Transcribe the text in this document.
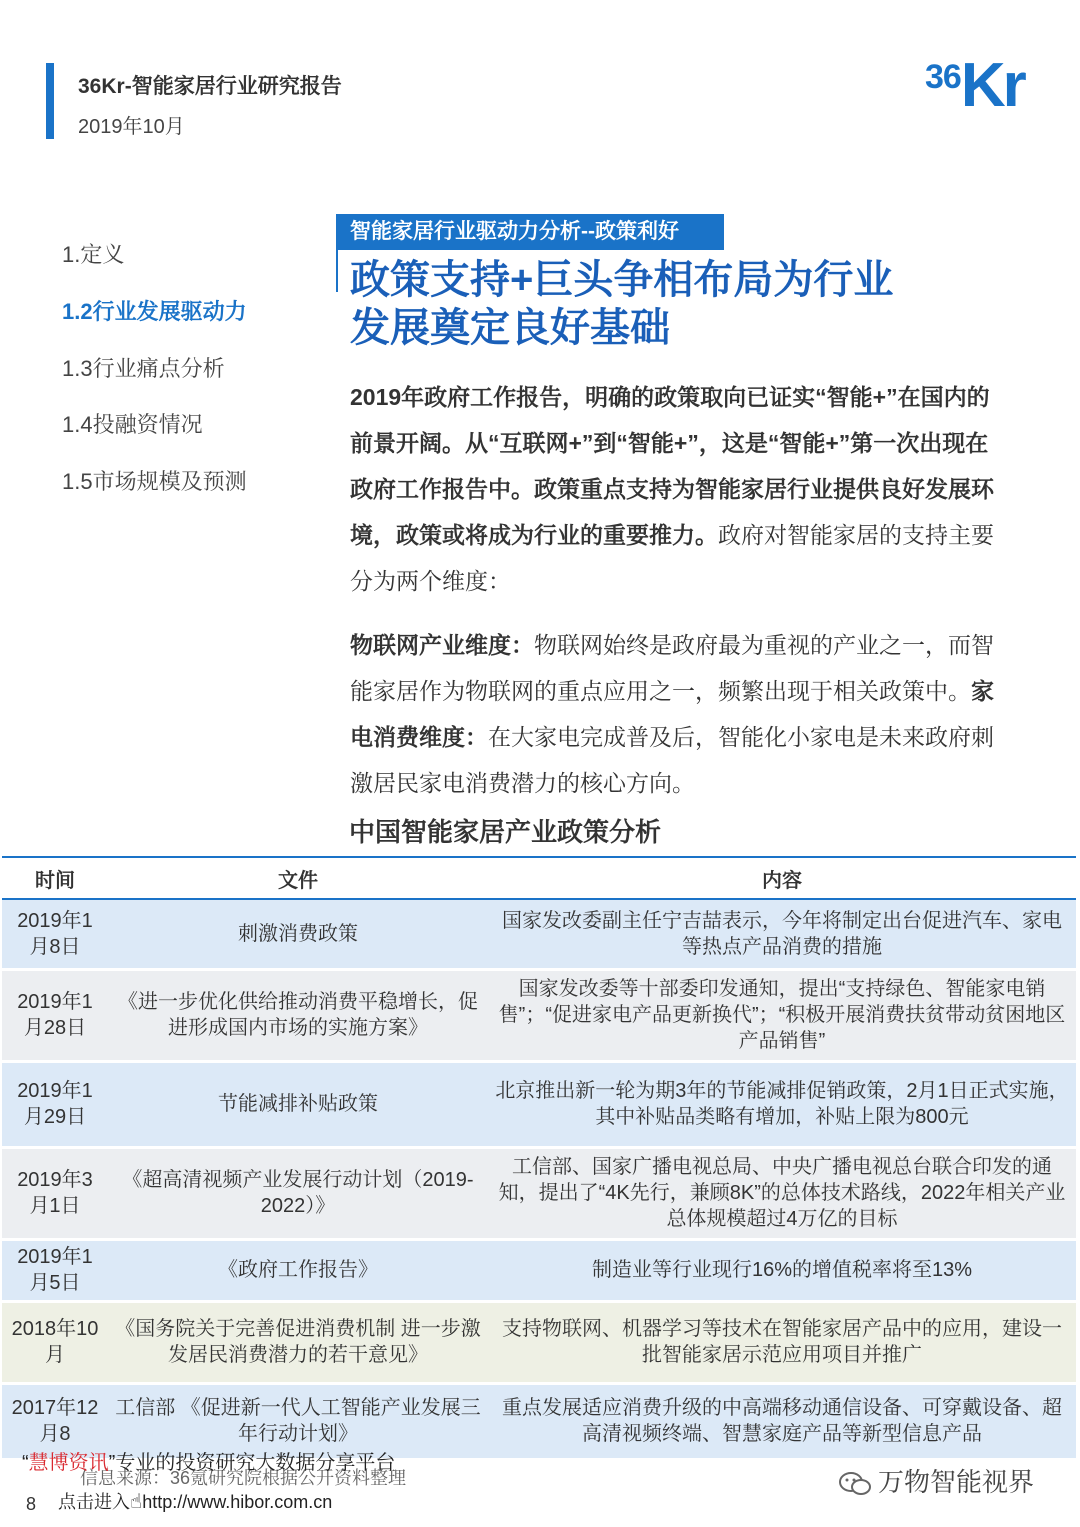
36Kr-智能家居行业研究报告
2019年10月
36Kr
1.定义
1.2行业发展驱动力
1.3行业痛点分析
1.4投融资情况
1.5市场规模及预测
智能家居行业驱动力分析--政策利好
政策支持+巨头争相布局为行业
发展奠定良好基础
2019年政府工作报告，明确的政策取向已证实“智能+”在国内的前景开阔。从“互联网+”到“智能+”，这是“智能+”第一次出现在政府工作报告中。政策重点支持为智能家居行业提供良好发展环境，政策或将成为行业的重要推力。政府对智能家居的支持主要分为两个维度：
物联网产业维度：物联网始终是政府最为重视的产业之一，而智能家居作为物联网的重点应用之一，频繁出现于相关政策中。家电消费维度：在大家电完成普及后，智能化小家电是未来政府刺激居民家电消费潜力的核心方向。
中国智能家居产业政策分析
时间	文件	内容
2019年1月8日	刺激消费政策	国家发改委副主任宁吉喆表示，今年将制定出台促进汽车、家电等热点产品消费的措施
2019年1月28日	《进一步优化供给推动消费平稳增长，促进形成国内市场的实施方案》	国家发改委等十部委印发通知，提出“支持绿色、智能家电销售”；“促进家电产品更新换代”；“积极开展消费扶贫带动贫困地区产品销售”
2019年1月29日	节能减排补贴政策	北京推出新一轮为期3年的节能减排促销政策，2月1日正式实施，其中补贴品类略有增加，补贴上限为800元
2019年3月1日	《超高清视频产业发展行动计划（2019-2022）》	工信部、国家广播电视总局、中央广播电视总台联合印发的通知，提出了“4K先行，兼顾8K”的总体技术路线，2022年相关产业总体规模超过4万亿的目标
2019年1月5日	《政府工作报告》	制造业等行业现行16%的增值税率将至13%
2018年10月	《国务院关于完善促进消费机制 进一步激发居民消费潜力的若干意见》	支持物联网、机器学习等技术在智能家居产品中的应用，建设一批智能家居示范应用项目并推广
2017年12月8	工信部 《促进新一代人工智能产业发展三年行动计划》	重点发展适应消费升级的中高端移动通信设备、可穿戴设备、超高清视频终端、智慧家庭产品等新型信息产品
信息来源：36氪研究院根据公开资料整理
“慧博资讯”专业的投资研究大数据分享平台
点击进入☝http://www.hibor.com.cn
8
万物智能视界
